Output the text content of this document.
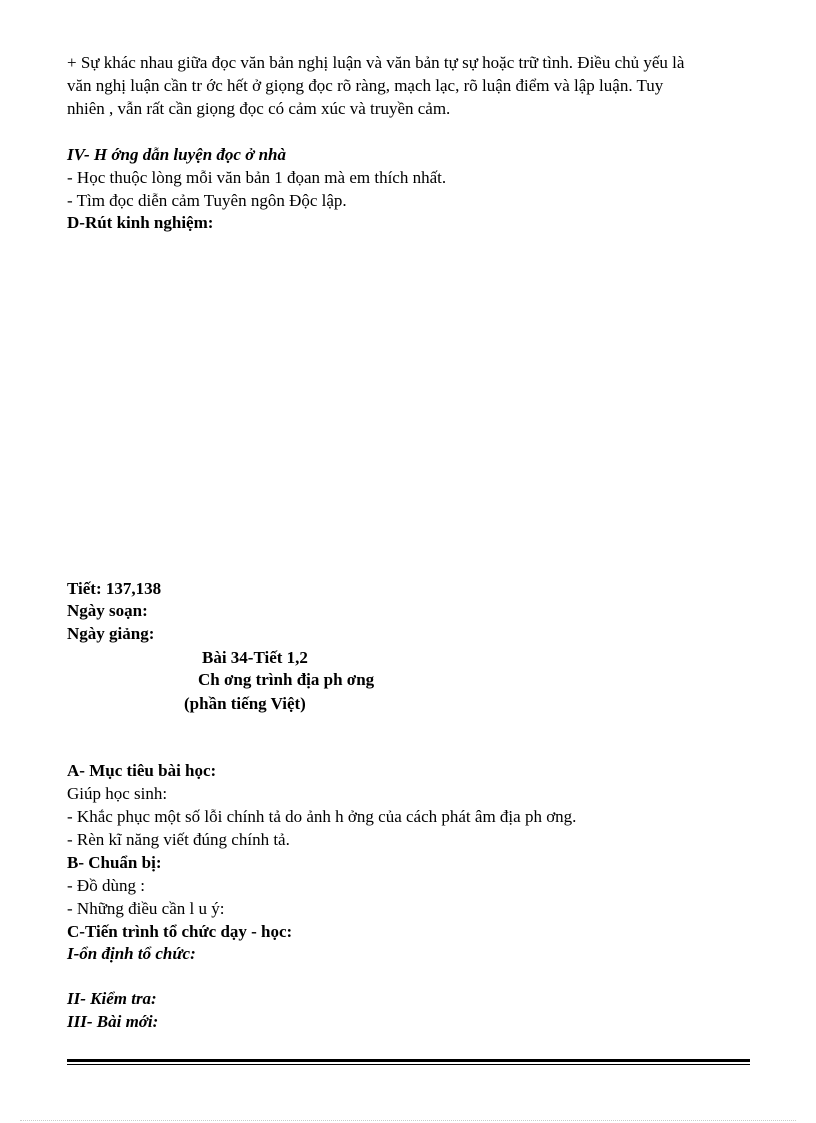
+ Sự khác nhau giữa đọc văn bản nghị luận và văn bản tự sự hoặc trữ tình. Điều chủ yếu là
văn nghị luận cần tr ớc hết ở giọng đọc rõ ràng, mạch lạc, rõ luận điểm và lập luận. Tuy
nhiên , vẫn rất cần giọng đọc có cảm xúc và truyền cảm.
IV- H ớng dẫn luyện đọc ở nhà
- Học thuộc lòng mỗi văn bản 1 đọan mà em thích nhất.
- Tìm đọc diễn cảm Tuyên ngôn Độc lập.
D-Rút kinh nghiệm:
Tiết: 137,138
Ngày soạn:
Ngày giảng:
Bài 34-Tiết 1,2
Ch ơng trình địa ph ơng
(phần tiếng Việt)
A- Mục tiêu bài học:
Giúp học sinh:
- Khắc phục một số lỗi chính tả do ảnh h ởng của cách phát âm địa ph ơng.
- Rèn kĩ năng viết đúng chính tả.
B- Chuẩn bị:
- Đồ dùng :
- Những điều cần l u ý:
C-Tiến trình tổ chức dạy - học:
I-ổn định tổ chức:
II- Kiểm tra:
III- Bài mới:
